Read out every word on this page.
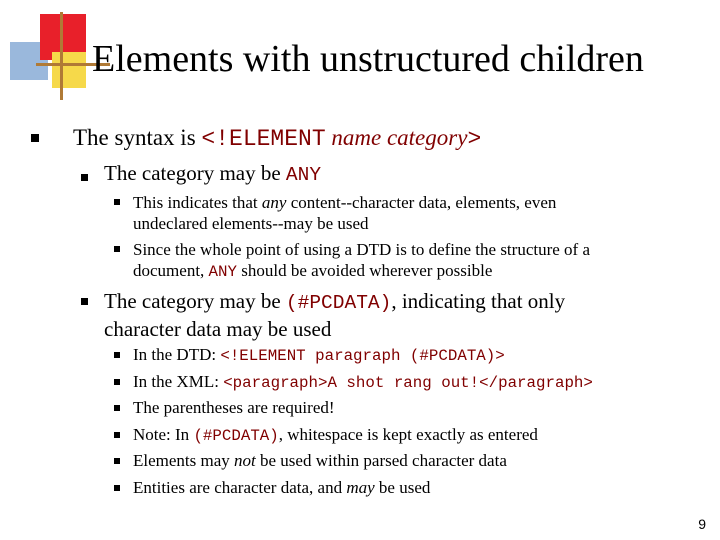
Elements with unstructured children
The syntax is <!ELEMENT name category>
The category may be ANY
This indicates that any content--character data, elements, even
undeclared elements--may be used
Since the whole point of using a DTD is to define the structure of a
document, ANY should be avoided wherever possible
The category may be (#PCDATA), indicating that only
character data may be used
In the DTD: <!ELEMENT paragraph (#PCDATA)>
In the XML: <paragraph>A shot rang out!</paragraph>
The parentheses are required!
Note: In (#PCDATA), whitespace is kept exactly as entered
Elements may not be used within parsed character data
Entities are character data, and may be used
9
